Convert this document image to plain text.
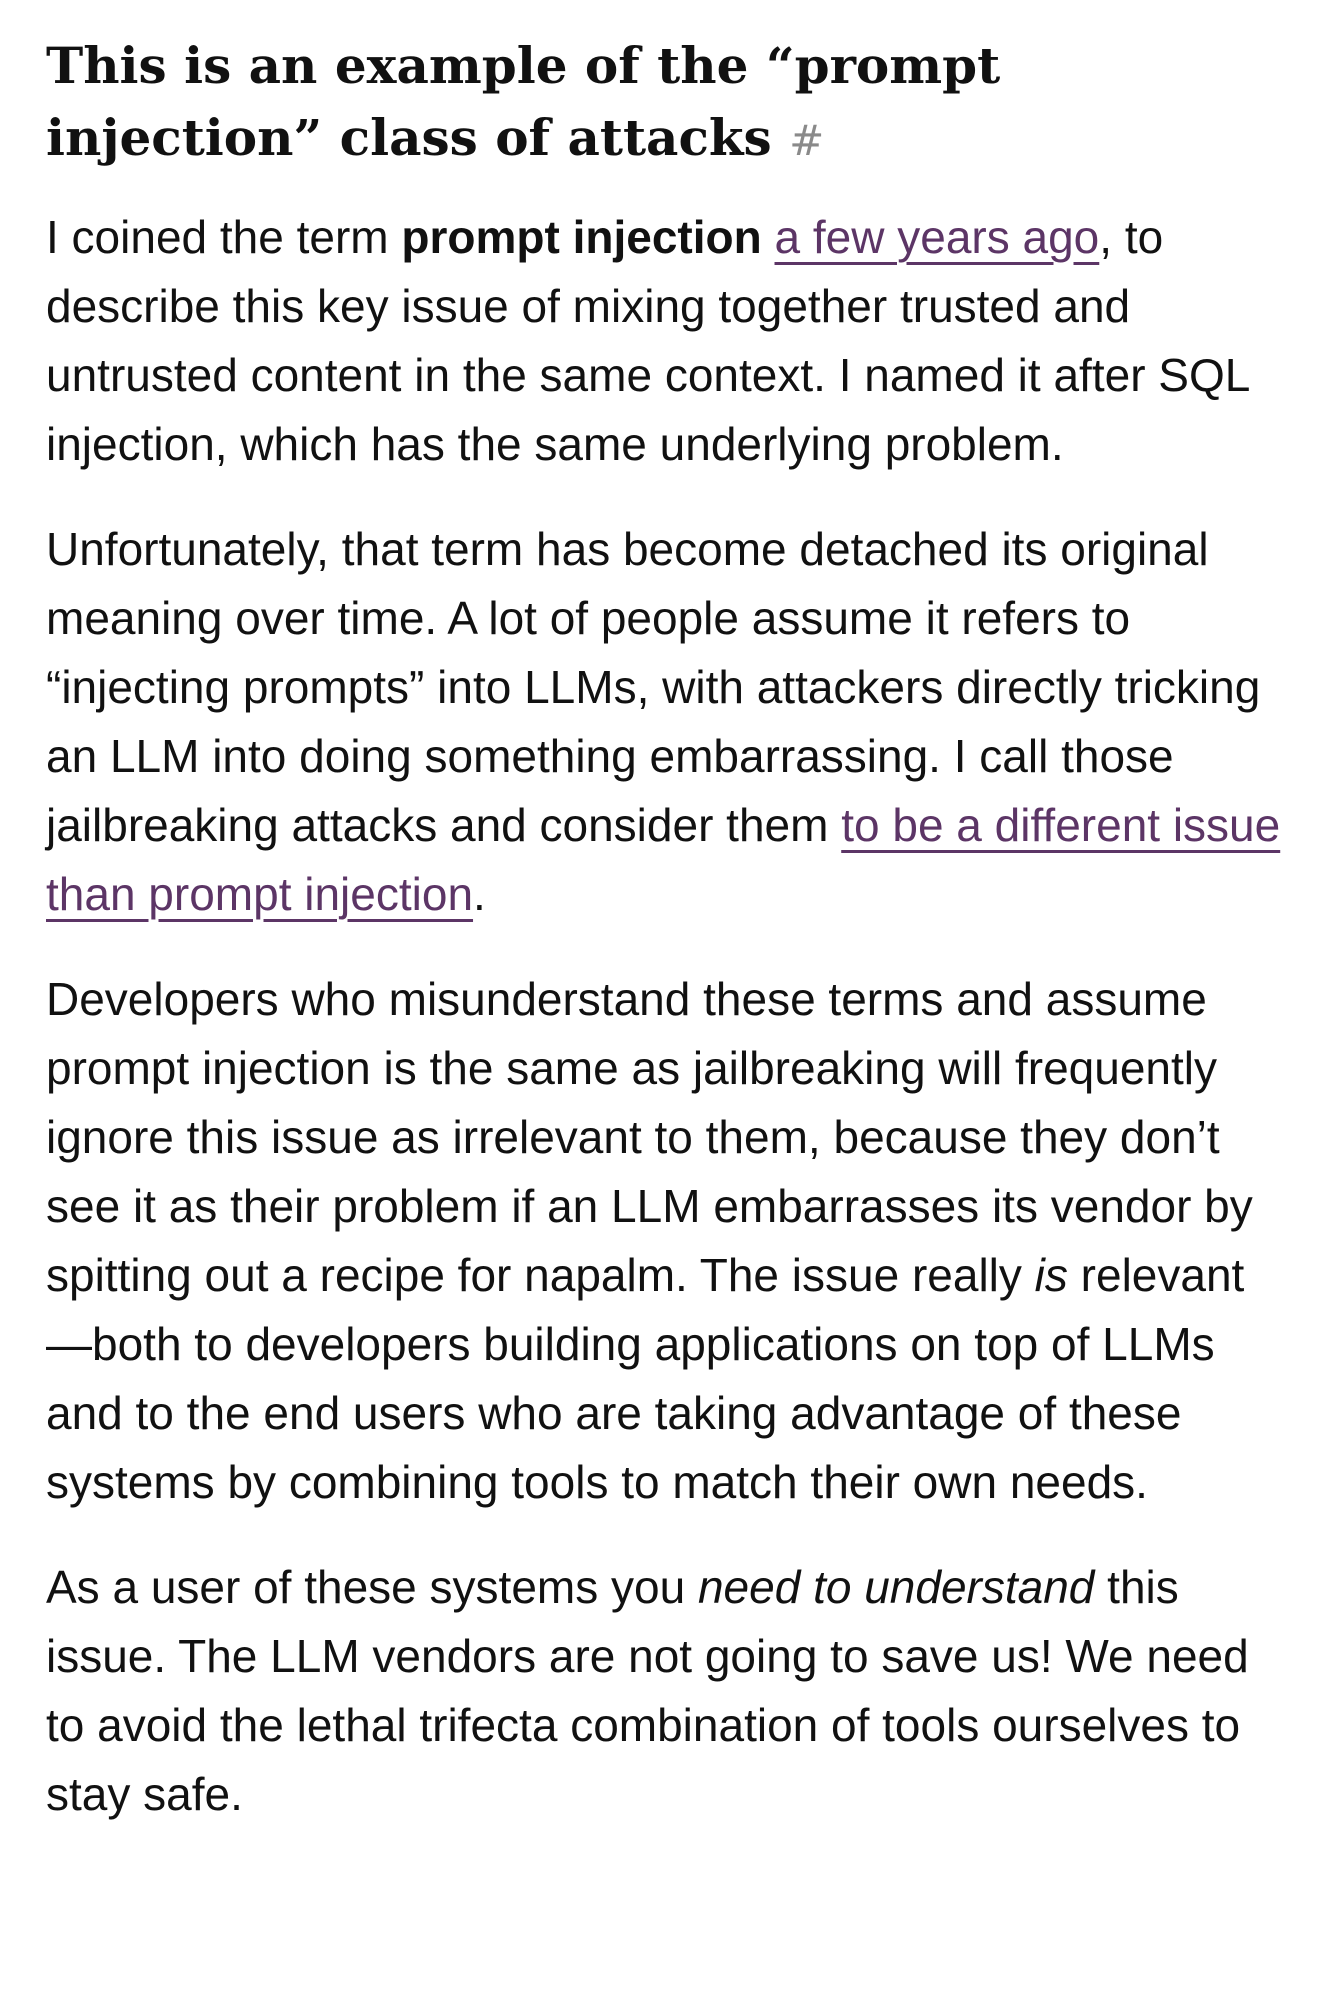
This is an example of the “prompt injection” class of attacks #

I coined the term prompt injection a few years ago, to describe this key issue of mixing together trusted and untrusted content in the same context. I named it after SQL injection, which has the same underlying problem.

Unfortunately, that term has become detached its original meaning over time. A lot of people assume it refers to “injecting prompts” into LLMs, with attackers directly tricking an LLM into doing something embarrassing. I call those jailbreaking attacks and consider them to be a different issue than prompt injection.

Developers who misunderstand these terms and assume prompt injection is the same as jailbreaking will frequently ignore this issue as irrelevant to them, because they don’t see it as their problem if an LLM embarrasses its vendor by spitting out a recipe for napalm. The issue really is relevant—both to developers building applications on top of LLMs and to the end users who are taking advantage of these systems by combining tools to match their own needs.

As a user of these systems you need to understand this issue. The LLM vendors are not going to save us! We need to avoid the lethal trifecta combination of tools ourselves to stay safe.
